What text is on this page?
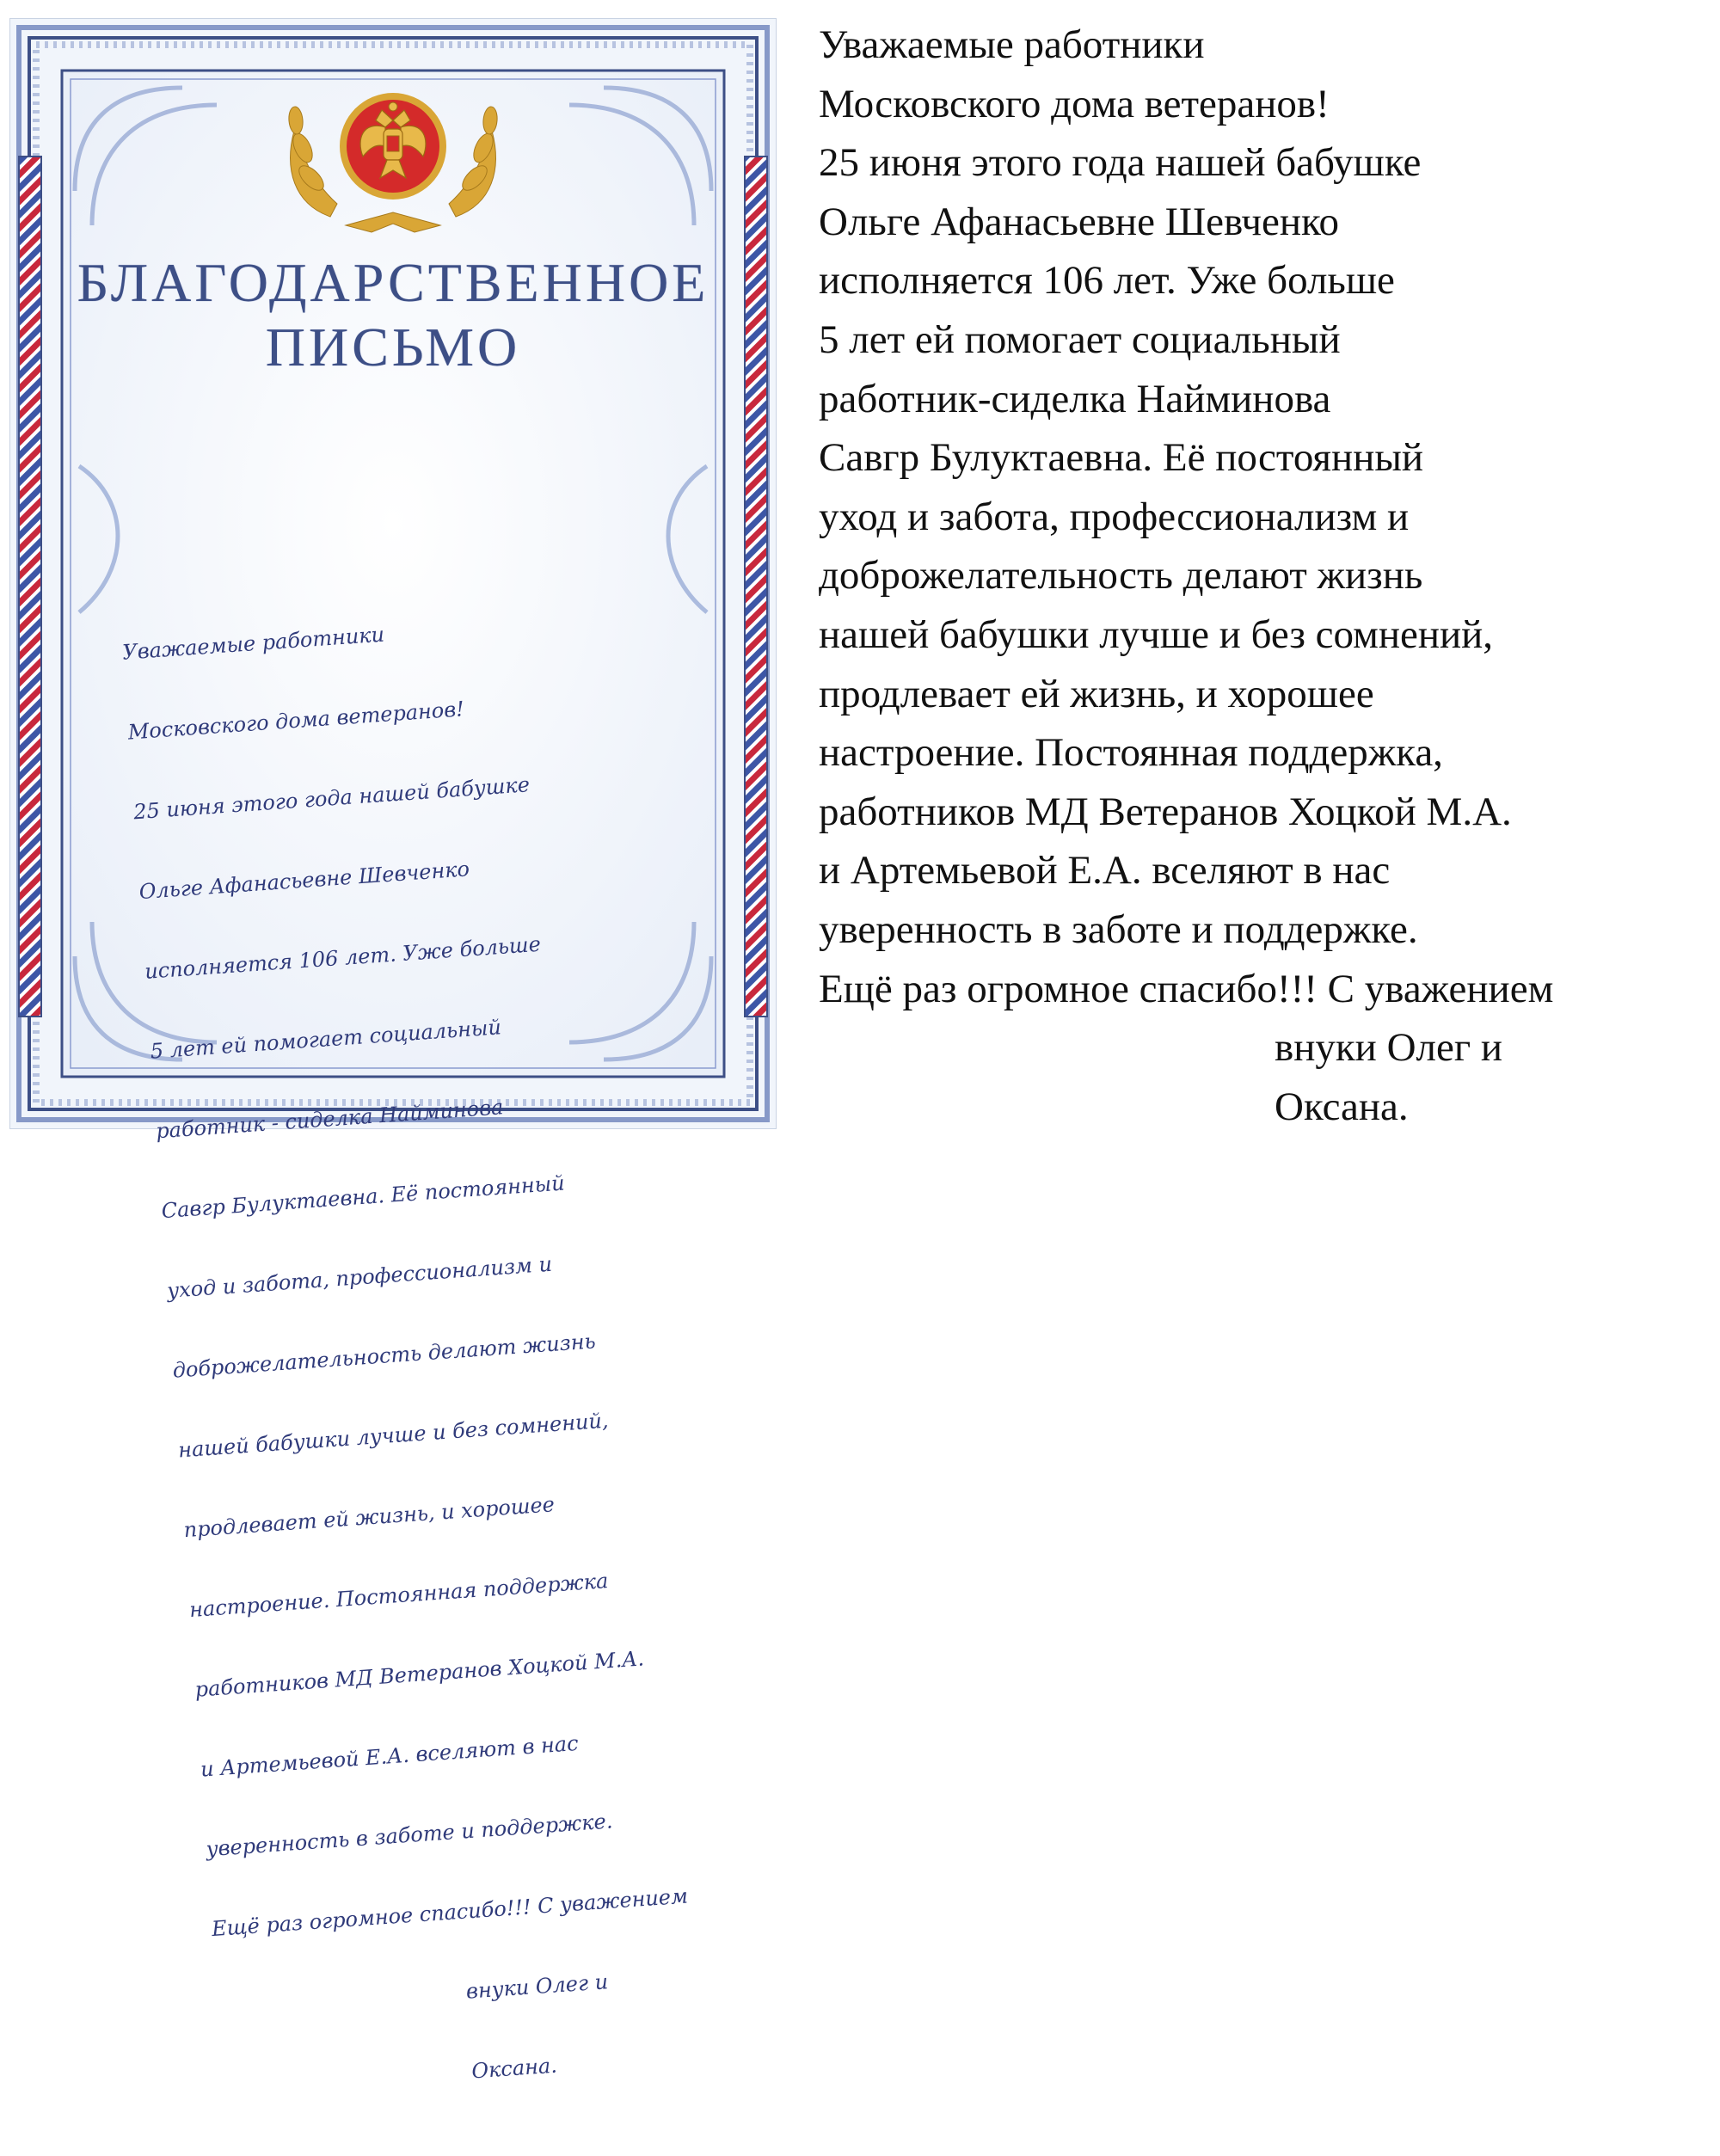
БЛАГОДАРСТВЕННОЕ
ПИСЬМО

Уважаемые работники

Московского дома ветеранов!

25 июня этого года нашей бабушке

Ольге Афанасьевне Шевченко

исполняется 106 лет. Уже больше

5 лет ей помогает социальный

работник - сиделка Найминова

Савгр Булуктаевна. Её постоянный

уход и забота, профессионализм и

доброжелательность делают жизнь

нашей бабушки лучше и без сомнений,

продлевает ей жизнь, и хорошее

настроение. Постоянная поддержка

работников МД Ветеранов Хоцкой М.А.

и Артемьевой Е.А. вселяют в нас

уверенность в заботе и поддержке.

Ещё раз огромное спасибо!!! С уважением

внуки Олег и

Оксана.

Уважаемые работники
Московского дома ветеранов!
25 июня этого года нашей бабушке
Ольге Афанасьевне Шевченко
исполняется 106 лет. Уже больше
5 лет ей помогает социальный
работник-сиделка Найминова
Савгр Булуктаевна. Её постоянный
уход и забота, профессионализм и
доброжелательность делают жизнь
нашей бабушки лучше и без сомнений,
продлевает ей жизнь, и хорошее
настроение. Постоянная поддержка,
работников МД Ветеранов Хоцкой М.А.
и Артемьевой Е.А. вселяют в нас
уверенность в заботе и поддержке.
Ещё раз огромное спасибо!!! С уважением
внуки Олег и
Оксана.
